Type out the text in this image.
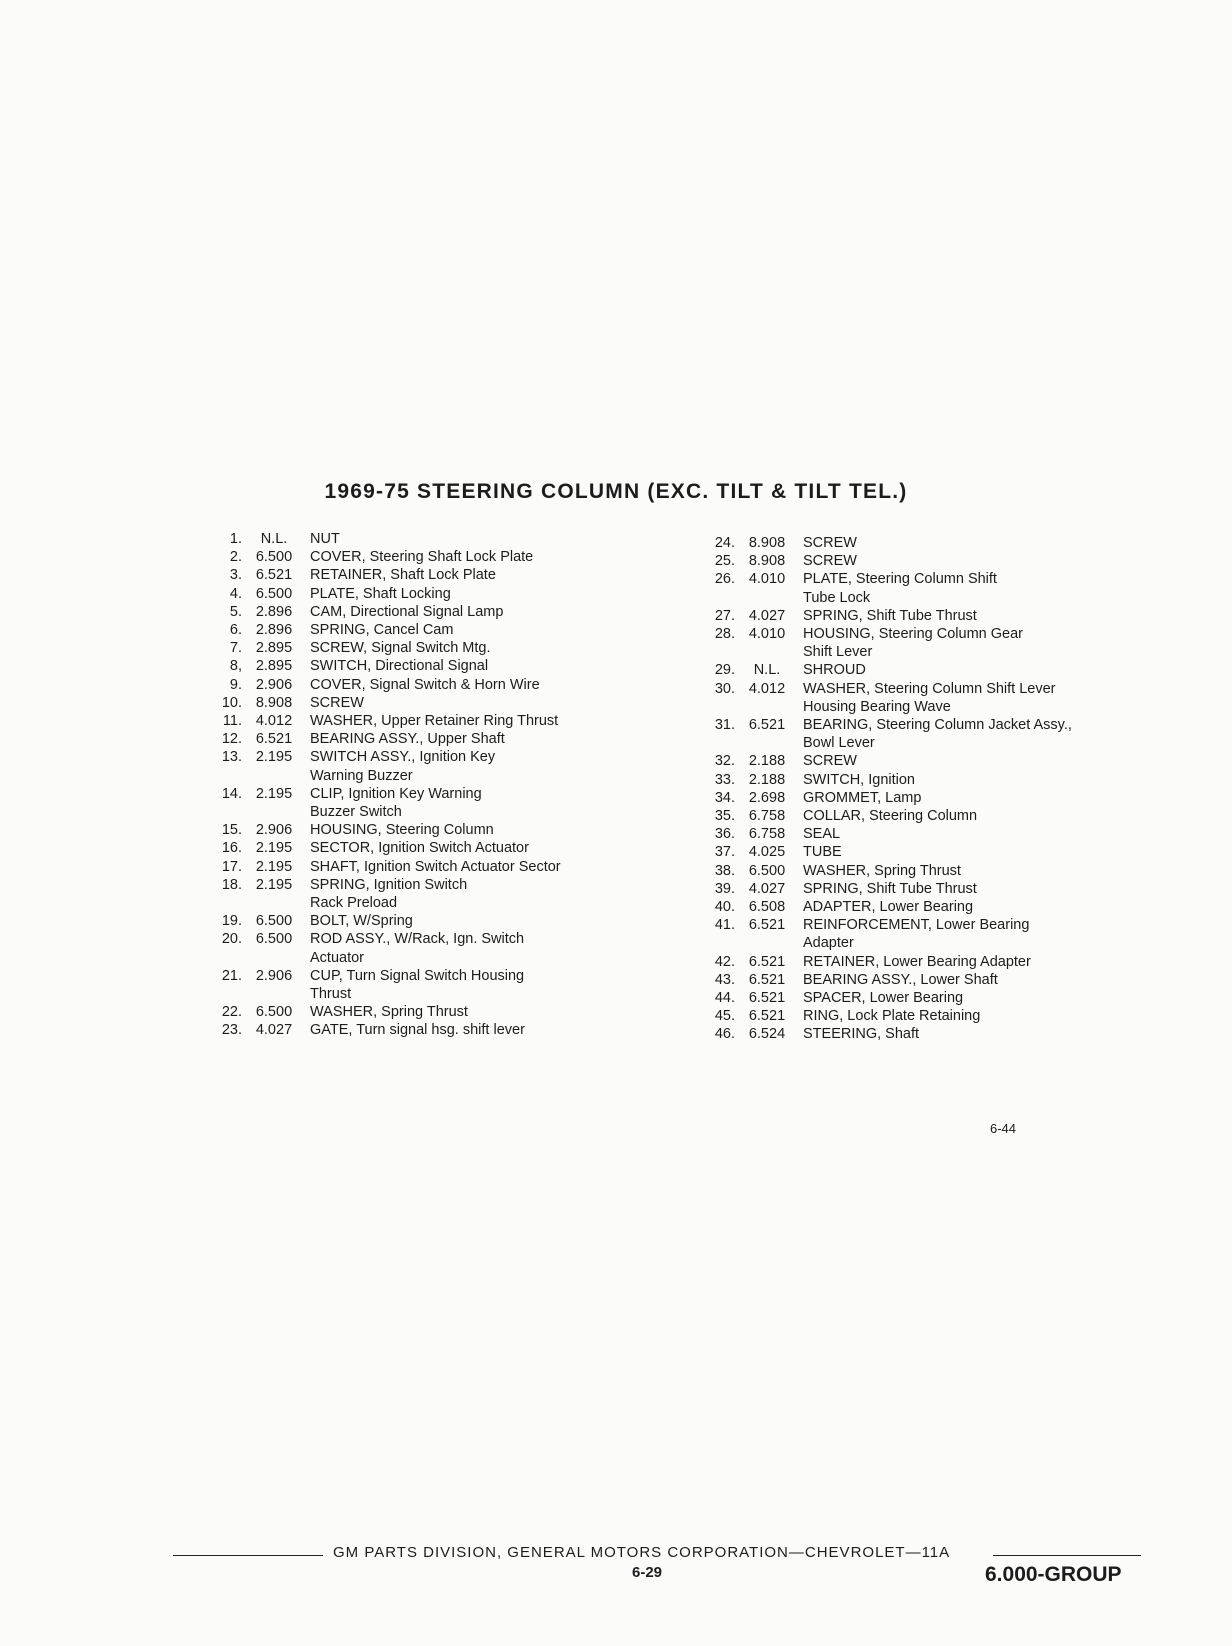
1969-75 STEERING COLUMN (EXC. TILT & TILT TEL.)
1.	N.L.	NUT
2. 6.500	COVER, Steering Shaft Lock Plate
3. 6.521	RETAINER, Shaft Lock Plate
4. 6.500	PLATE, Shaft Locking
5. 2.896	CAM, Directional Signal Lamp
6. 2.896	SPRING, Cancel Cam
7. 2.895	SCREW, Signal Switch Mtg.
8, 2.895	SWITCH, Directional Signal
9. 2.906	COVER, Signal Switch & Horn Wire
10. 8.908	SCREW
11. 4.012	WASHER, Upper Retainer Ring Thrust
12. 6.521	BEARING ASSY., Upper Shaft
13. 2.195	SWITCH ASSY., Ignition Key
Warning Buzzer
14. 2.195	CLIP, Ignition Key Warning
Buzzer Switch
15. 2.906	HOUSING, Steering Column
16. 2.195	SECTOR, Ignition Switch Actuator
17. 2.195	SHAFT, Ignition Switch Actuator Sector
18. 2.195	SPRING, Ignition Switch
Rack Preload
19. 6.500	BOLT, W/Spring
20. 6.500	ROD ASSY., W/Rack, Ign. Switch
Actuator
21. 2.906	CUP, Turn Signal Switch Housing
Thrust
22. 6.500	WASHER, Spring Thrust
23. 4.027	GATE, Turn signal hsg. shift lever
24. 8.908	SCREW
25. 8.908	SCREW
26. 4.010	PLATE, Steering Column Shift
Tube Lock
27. 4.027	SPRING, Shift Tube Thrust
28. 4.010	HOUSING, Steering Column Gear
Shift Lever
29.	N.L.	SHROUD
30. 4.012	WASHER, Steering Column Shift Lever
Housing Bearing Wave
31. 6.521	BEARING, Steering Column Jacket Assy.,
Bowl Lever
32. 2.188	SCREW
33. 2.188	SWITCH, Ignition
34. 2.698	GROMMET, Lamp
35. 6.758	COLLAR, Steering Column
36. 6.758	SEAL
37. 4.025	TUBE
38. 6.500	WASHER, Spring Thrust
39. 4.027	SPRING, Shift Tube Thrust
40. 6.508	ADAPTER, Lower Bearing
41. 6.521	REINFORCEMENT, Lower Bearing
Adapter
42. 6.521	RETAINER, Lower Bearing Adapter
43. 6.521	BEARING ASSY., Lower Shaft
44. 6.521	SPACER, Lower Bearing
45. 6.521	RING, Lock Plate Retaining
46. 6.524	STEERING, Shaft

6-44

GM PARTS DIVISION, GENERAL MOTORS CORPORATION—CHEVROLET—11A

6-29	6.000-GROUP
